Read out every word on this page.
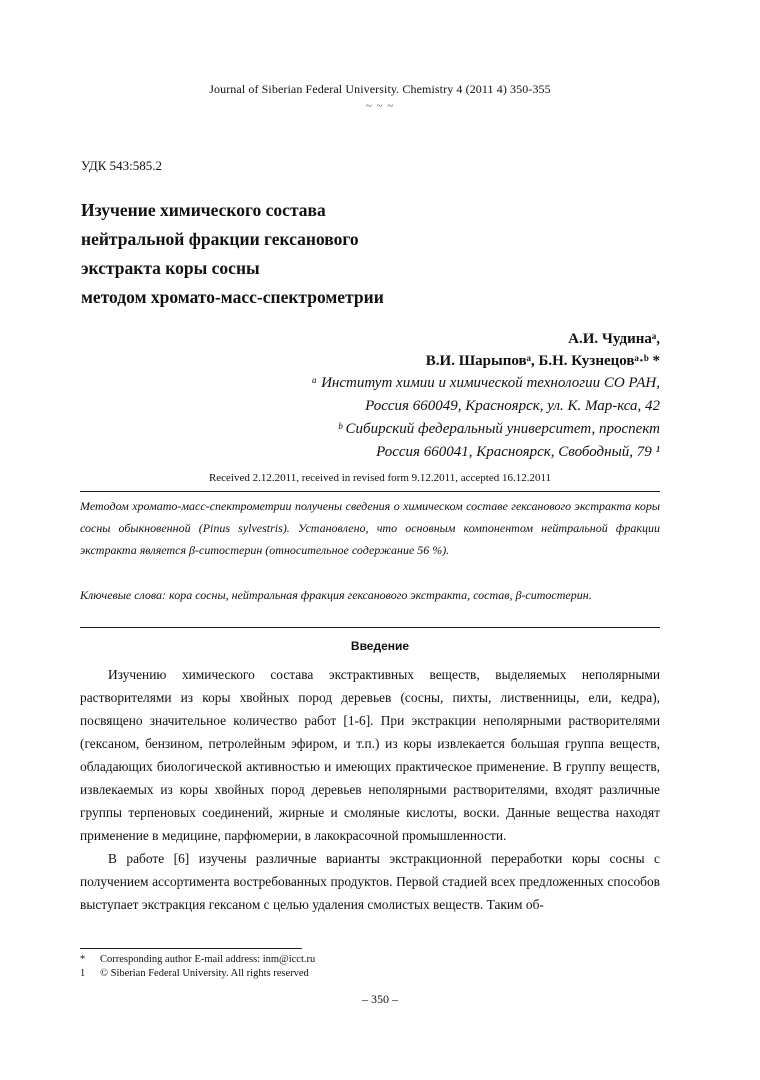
Journal of Siberian Federal University. Chemistry 4 (2011 4) 350-355
~ ~ ~
УДК 543:585.2
Изучение химического состава
нейтральной фракции гексанового
экстракта коры сосны
методом хромато-масс-спектрометрии
А.И. Чудинаᵃ,
В.И. Шарыповᵃ, Б.Н. Кузнецовᵃ·ᵇ *
ᵃ Институт химии и химической технологии СО РАН,
Россия 660049, Красноярск, ул. К. Мар-кса, 42
ᵇ Сибирский федеральный университет, проспект
Россия 660041, Красноярск, Свободный, 79 ¹
Received 2.12.2011, received in revised form 9.12.2011, accepted 16.12.2011

Методом хромато-масс-спектрометрии получены сведения о химическом составе гексанового экстракта коры сосны обыкновенной (Pinus sylvestris). Установлено, что основным компонентом нейтральной фракции экстракта является β-ситостерин (относительное содержание 56 %).

Ключевые слова: кора сосны, нейтральная фракция гексанового экстракта, состав, β-ситостерин.

Введение

Изучению химического состава экстрактивных веществ, выделяемых неполярными растворителями из коры хвойных пород деревьев (сосны, пихты, лиственницы, ели, кедра), посвящено значительное количество работ [1-6]. При экстракции неполярными растворителями (гексаном, бензином, петролейным эфиром, и т.п.) из коры извлекается большая группа веществ, обладающих биологической активностью и имеющих практическое применение. В группу веществ, извлекаемых из коры хвойных пород деревьев неполярными растворителями, входят различные группы терпеновых соединений, жирные и смоляные кислоты, воски. Данные вещества находят применение в медицине, парфюмерии, в лакокрасочной промышленности.

В работе [6] изучены различные варианты экстракционной переработки коры сосны с получением ассортимента востребованных продуктов. Первой стадией всех предложенных способов выступает экстракция гексаном с целью удаления смолистых веществ. Таким об-

* Corresponding author E-mail address: inm@icct.ru
1 © Siberian Federal University. All rights reserved
– 350 –
